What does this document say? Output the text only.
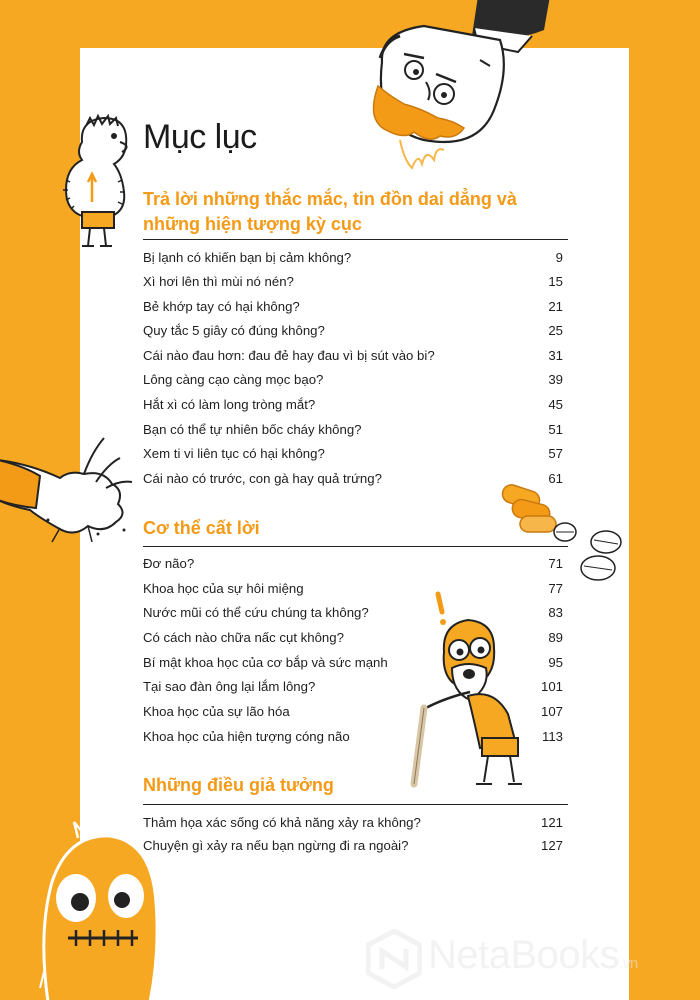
Mục lục
Trả lời những thắc mắc, tin đồn dai dẳng và những hiện tượng kỳ cục
Bị lạnh có khiến bạn bị cảm không?	9
Xì hơi lên thì mùi nó nén?	15
Bẻ khớp tay có hại không?	21
Quy tắc 5 giây có đúng không?	25
Cái nào đau hơn: đau đẻ hay đau vì bị sút vào bi?	31
Lông càng cạo càng mọc bạo?	39
Hắt xì có làm long tròng mắt?	45
Bạn có thể tự nhiên bốc cháy không?	51
Xem ti vi liên tục có hại không?	57
Cái nào có trước, con gà hay quả trứng?	61
Cơ thể cất lời
Đơ não?	71
Khoa học của sự hôi miệng	77
Nước mũi có thể cứu chúng ta không?	83
Có cách nào chữa nấc cụt không?	89
Bí mật khoa học của cơ bắp và sức mạnh	95
Tại sao đàn ông lại lắm lông?	101
Khoa học của sự lão hóa	107
Khoa học của hiện tượng cóng não	113
Những điều giả tưởng
Thảm họa xác sống có khả năng xảy ra không?	121
Chuyện gì xảy ra nếu bạn ngừng đi ra ngoài?	127
NetaBooks.vn
